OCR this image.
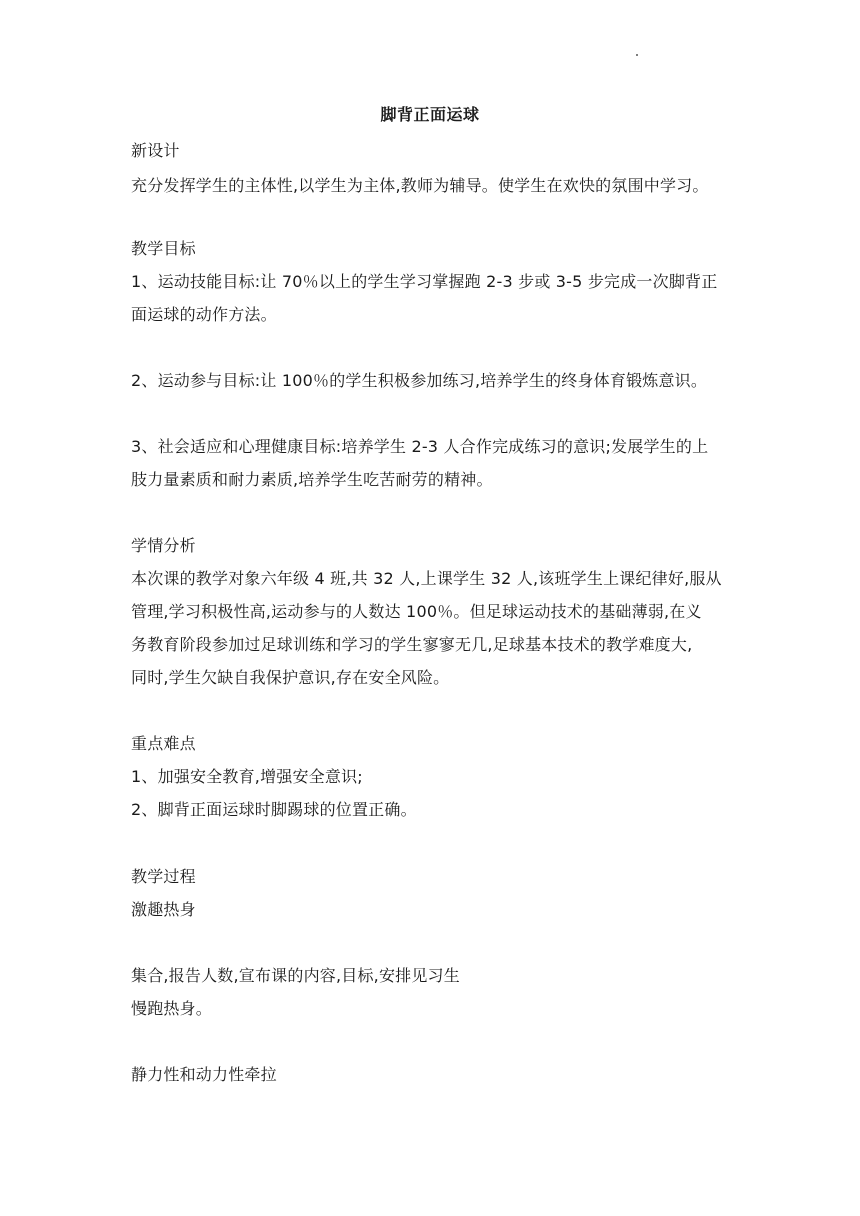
脚背正面运球
新设计
充分发挥学生的主体性,以学生为主体,教师为辅导。使学生在欢快的氛围中学习。
教学目标
1、运动技能目标:让 70％以上的学生学习掌握跑 2-3 步或 3-5 步完成一次脚背正
面运球的动作方法。
2、运动参与目标:让 100％的学生积极参加练习,培养学生的终身体育锻炼意识。
3、社会适应和心理健康目标:培养学生 2-3 人合作完成练习的意识;发展学生的上
肢力量素质和耐力素质,培养学生吃苦耐劳的精神。
学情分析
本次课的教学对象六年级 4 班,共 32 人,上课学生 32 人,该班学生上课纪律好,服从
管理,学习积极性高,运动参与的人数达 100％。但足球运动技术的基础薄弱,在义
务教育阶段参加过足球训练和学习的学生寥寥无几,足球基本技术的教学难度大,
同时,学生欠缺自我保护意识,存在安全风险。
重点难点
1、加强安全教育,增强安全意识;
2、脚背正面运球时脚踢球的位置正确。
教学过程
激趣热身
集合,报告人数,宣布课的内容,目标,安排见习生
慢跑热身。
静力性和动力性牵拉
